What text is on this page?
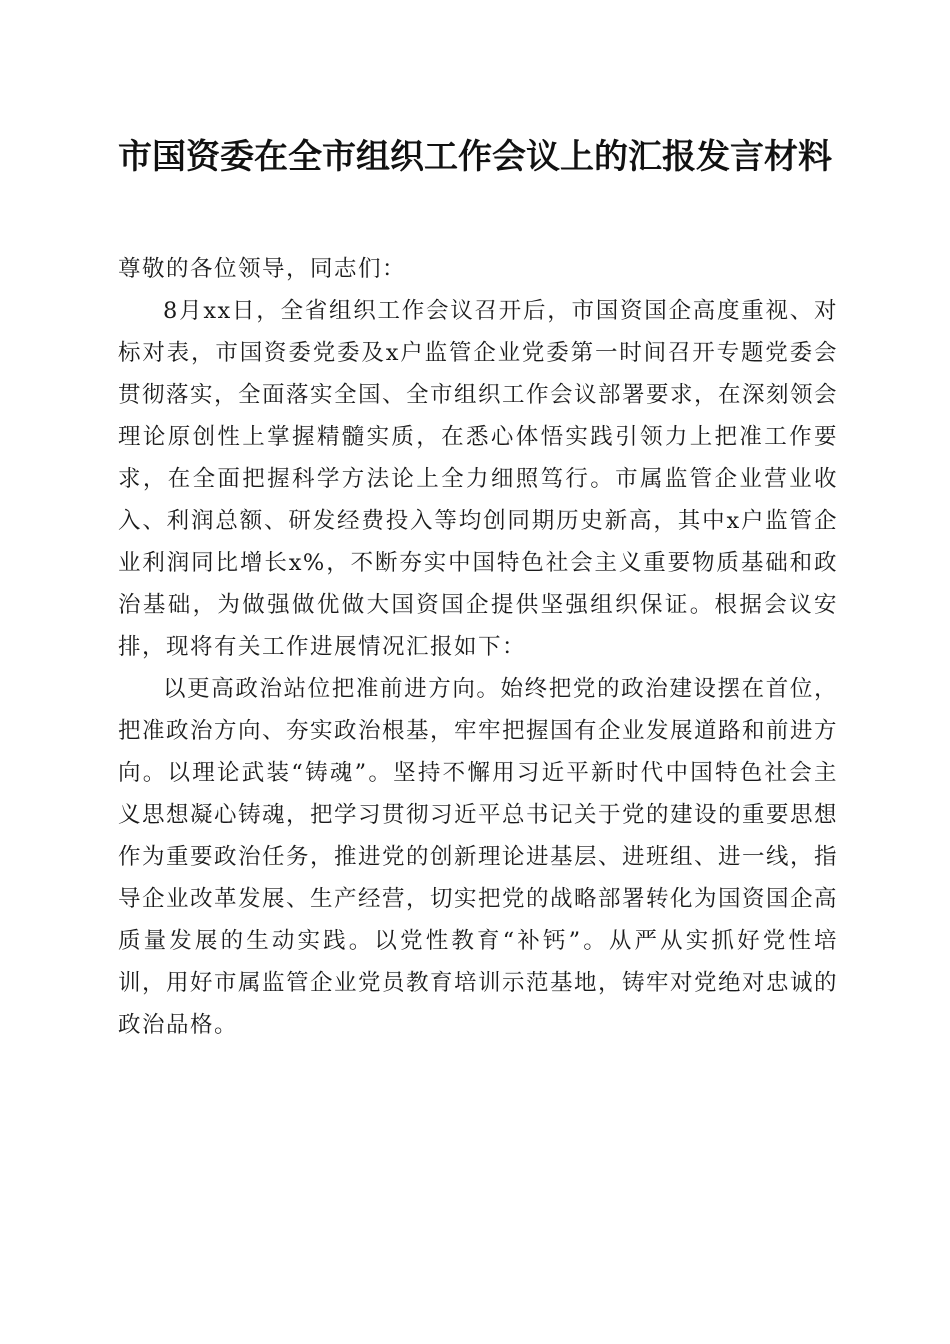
市国资委在全市组织工作会议上的汇报发言材料

尊敬的各位领导，同志们：

8月xx日，全省组织工作会议召开后，市国资国企高度重视、对标对表，市国资委党委及x户监管企业党委第一时间召开专题党委会贯彻落实，全面落实全国、全市组织工作会议部署要求，在深刻领会理论原创性上掌握精髓实质，在悉心体悟实践引领力上把准工作要求，在全面把握科学方法论上全力细照笃行。市属监管企业营业收入、利润总额、研发经费投入等均创同期历史新高，其中x户监管企业利润同比增长x%，不断夯实中国特色社会主义重要物质基础和政治基础，为做强做优做大国资国企提供坚强组织保证。根据会议安排，现将有关工作进展情况汇报如下：

以更高政治站位把准前进方向。始终把党的政治建设摆在首位，把准政治方向、夯实政治根基，牢牢把握国有企业发展道路和前进方向。以理论武装“铸魂”。坚持不懈用习近平新时代中国特色社会主义思想凝心铸魂，把学习贯彻习近平总书记关于党的建设的重要思想作为重要政治任务，推进党的创新理论进基层、进班组、进一线，指导企业改革发展、生产经营，切实把党的战略部署转化为国资国企高质量发展的生动实践。以党性教育“补钙”。从严从实抓好党性培训，用好市属监管企业党员教育培训示范基地，铸牢对党绝对忠诚的政治品格。
